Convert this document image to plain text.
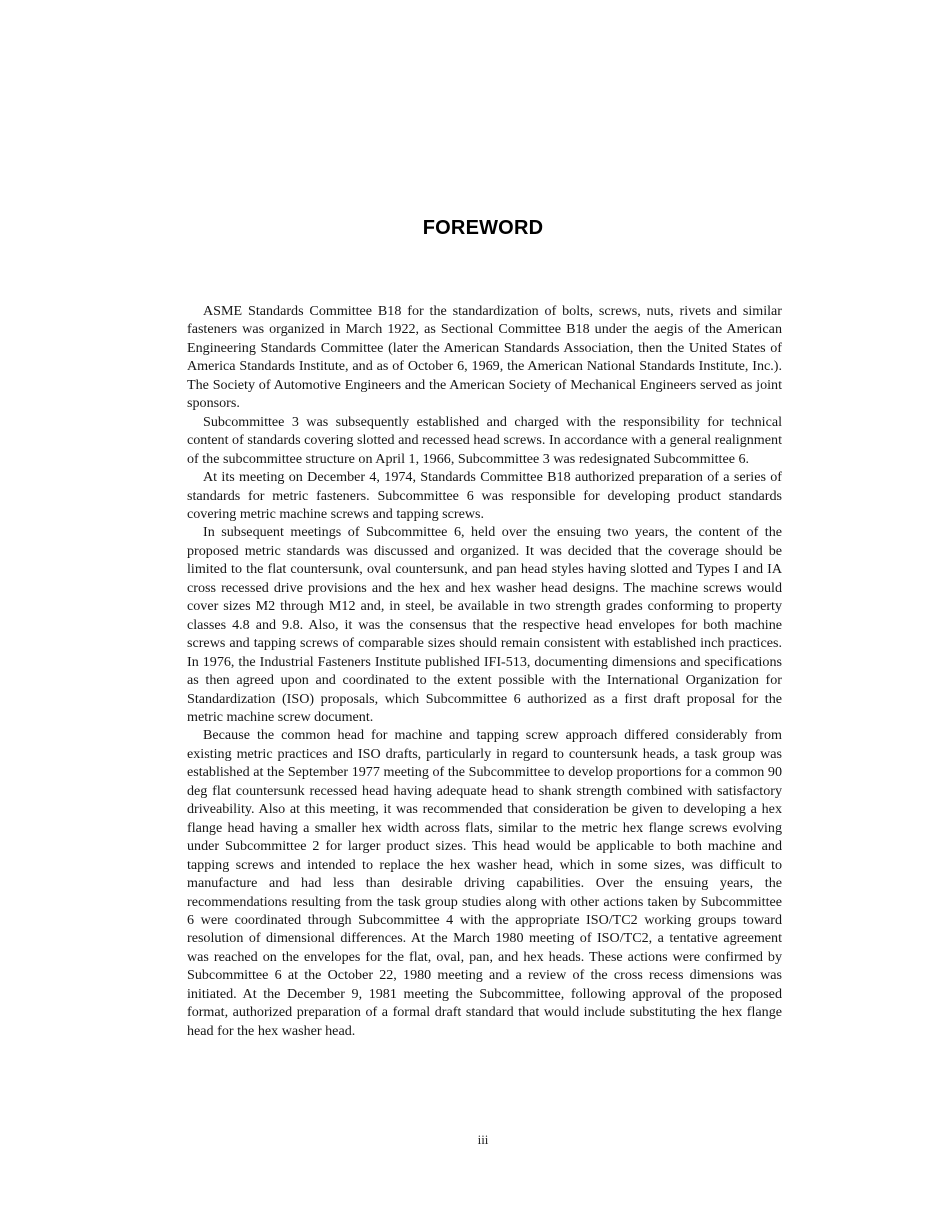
FOREWORD

ASME Standards Committee B18 for the standardization of bolts, screws, nuts, rivets and similar fasteners was organized in March 1922, as Sectional Committee B18 under the aegis of the American Engineering Standards Committee (later the American Standards Association, then the United States of America Standards Institute, and as of October 6, 1969, the American National Standards Institute, Inc.). The Society of Automotive Engineers and the American Society of Mechanical Engineers served as joint sponsors.

Subcommittee 3 was subsequently established and charged with the responsibility for technical content of standards covering slotted and recessed head screws. In accordance with a general realignment of the subcommittee structure on April 1, 1966, Subcommittee 3 was redesignated Subcommittee 6.

At its meeting on December 4, 1974, Standards Committee B18 authorized preparation of a series of standards for metric fasteners. Subcommittee 6 was responsible for developing product standards covering metric machine screws and tapping screws.

In subsequent meetings of Subcommittee 6, held over the ensuing two years, the content of the proposed metric standards was discussed and organized. It was decided that the coverage should be limited to the flat countersunk, oval countersunk, and pan head styles having slotted and Types I and IA cross recessed drive provisions and the hex and hex washer head designs. The machine screws would cover sizes M2 through M12 and, in steel, be available in two strength grades conforming to property classes 4.8 and 9.8. Also, it was the consensus that the respective head envelopes for both machine screws and tapping screws of comparable sizes should remain consistent with established inch practices. In 1976, the Industrial Fasteners Institute published IFI-513, documenting dimensions and specifications as then agreed upon and coordinated to the extent possible with the International Organization for Standardization (ISO) proposals, which Subcommittee 6 authorized as a first draft proposal for the metric machine screw document.

Because the common head for machine and tapping screw approach differed considerably from existing metric practices and ISO drafts, particularly in regard to countersunk heads, a task group was established at the September 1977 meeting of the Subcommittee to develop proportions for a common 90 deg flat countersunk recessed head having adequate head to shank strength combined with satisfactory driveability. Also at this meeting, it was recommended that consideration be given to developing a hex flange head having a smaller hex width across flats, similar to the metric hex flange screws evolving under Subcommittee 2 for larger product sizes. This head would be applicable to both machine and tapping screws and intended to replace the hex washer head, which in some sizes, was difficult to manufacture and had less than desirable driving capabilities. Over the ensuing years, the recommendations resulting from the task group studies along with other actions taken by Subcommittee 6 were coordinated through Subcommittee 4 with the appropriate ISO/TC2 working groups toward resolution of dimensional differences. At the March 1980 meeting of ISO/TC2, a tentative agreement was reached on the envelopes for the flat, oval, pan, and hex heads. These actions were confirmed by Subcommittee 6 at the October 22, 1980 meeting and a review of the cross recess dimensions was initiated. At the December 9, 1981 meeting the Subcommittee, following approval of the proposed format, authorized preparation of a formal draft standard that would include substituting the hex flange head for the hex washer head.

iii
